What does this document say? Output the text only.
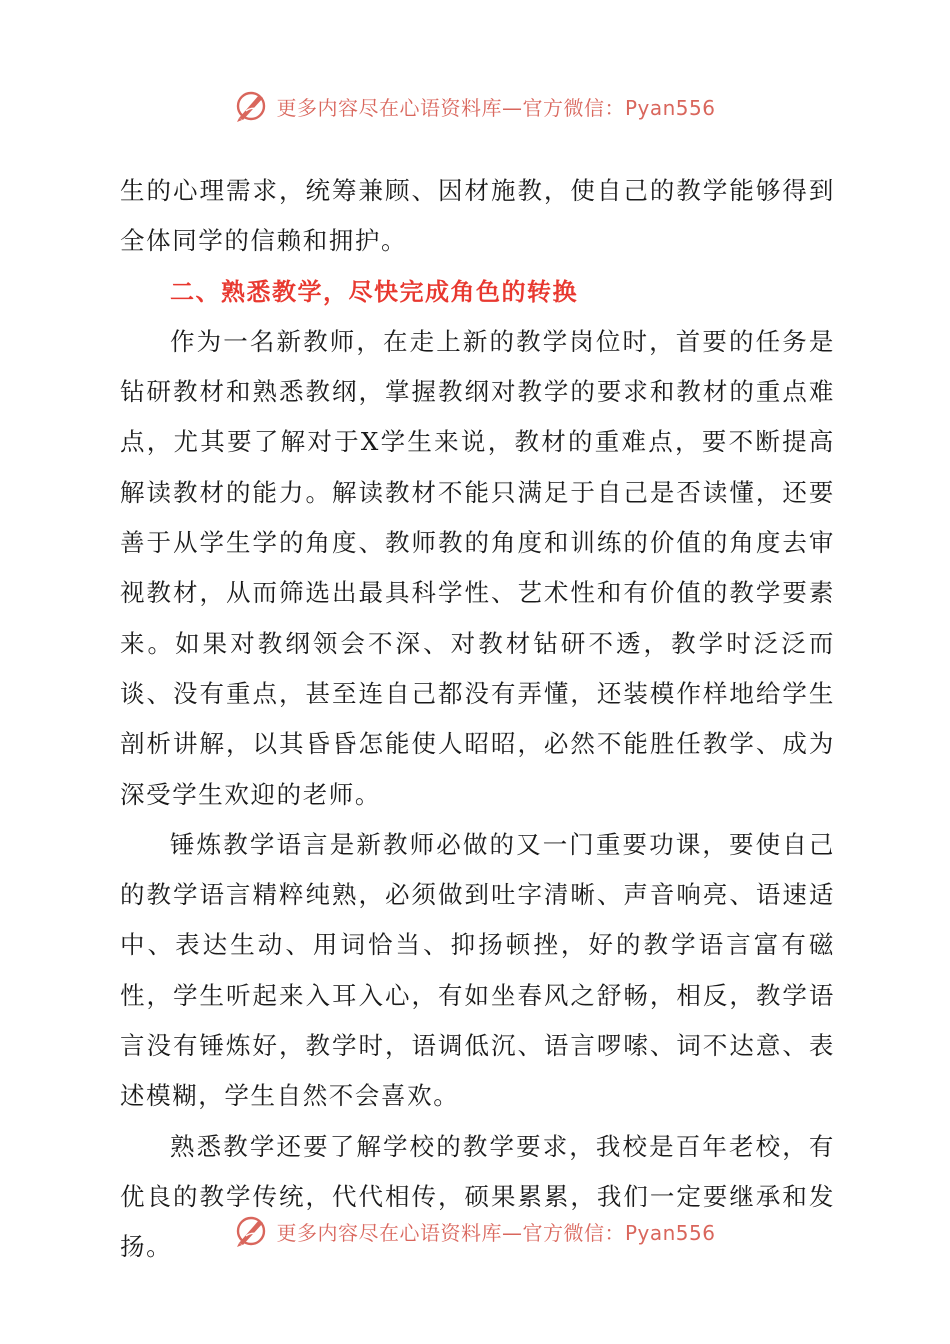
更多内容尽在心语资料库—官方微信：Pyan556

生的心理需求，统筹兼顾、因材施教，使自己的教学能够得到全体同学的信赖和拥护。

二、熟悉教学，尽快完成角色的转换

作为一名新教师，在走上新的教学岗位时，首要的任务是钻研教材和熟悉教纲，掌握教纲对教学的要求和教材的重点难点，尤其要了解对于X学生来说，教材的重难点，要不断提高解读教材的能力。解读教材不能只满足于自己是否读懂，还要善于从学生学的角度、教师教的角度和训练的价值的角度去审视教材，从而筛选出最具科学性、艺术性和有价值的教学要素来。如果对教纲领会不深、对教材钻研不透，教学时泛泛而谈、没有重点，甚至连自己都没有弄懂，还装模作样地给学生剖析讲解，以其昏昏怎能使人昭昭，必然不能胜任教学、成为深受学生欢迎的老师。

锤炼教学语言是新教师必做的又一门重要功课，要使自己的教学语言精粹纯熟，必须做到吐字清晰、声音响亮、语速适中、表达生动、用词恰当、抑扬顿挫，好的教学语言富有磁性，学生听起来入耳入心，有如坐春风之舒畅，相反，教学语言没有锤炼好，教学时，语调低沉、语言啰嗦、词不达意、表述模糊，学生自然不会喜欢。

熟悉教学还要了解学校的教学要求，我校是百年老校，有优良的教学传统，代代相传，硕果累累，我们一定要继承和发扬。	更多内容尽在心语资料库—官方微信：Pyan556
